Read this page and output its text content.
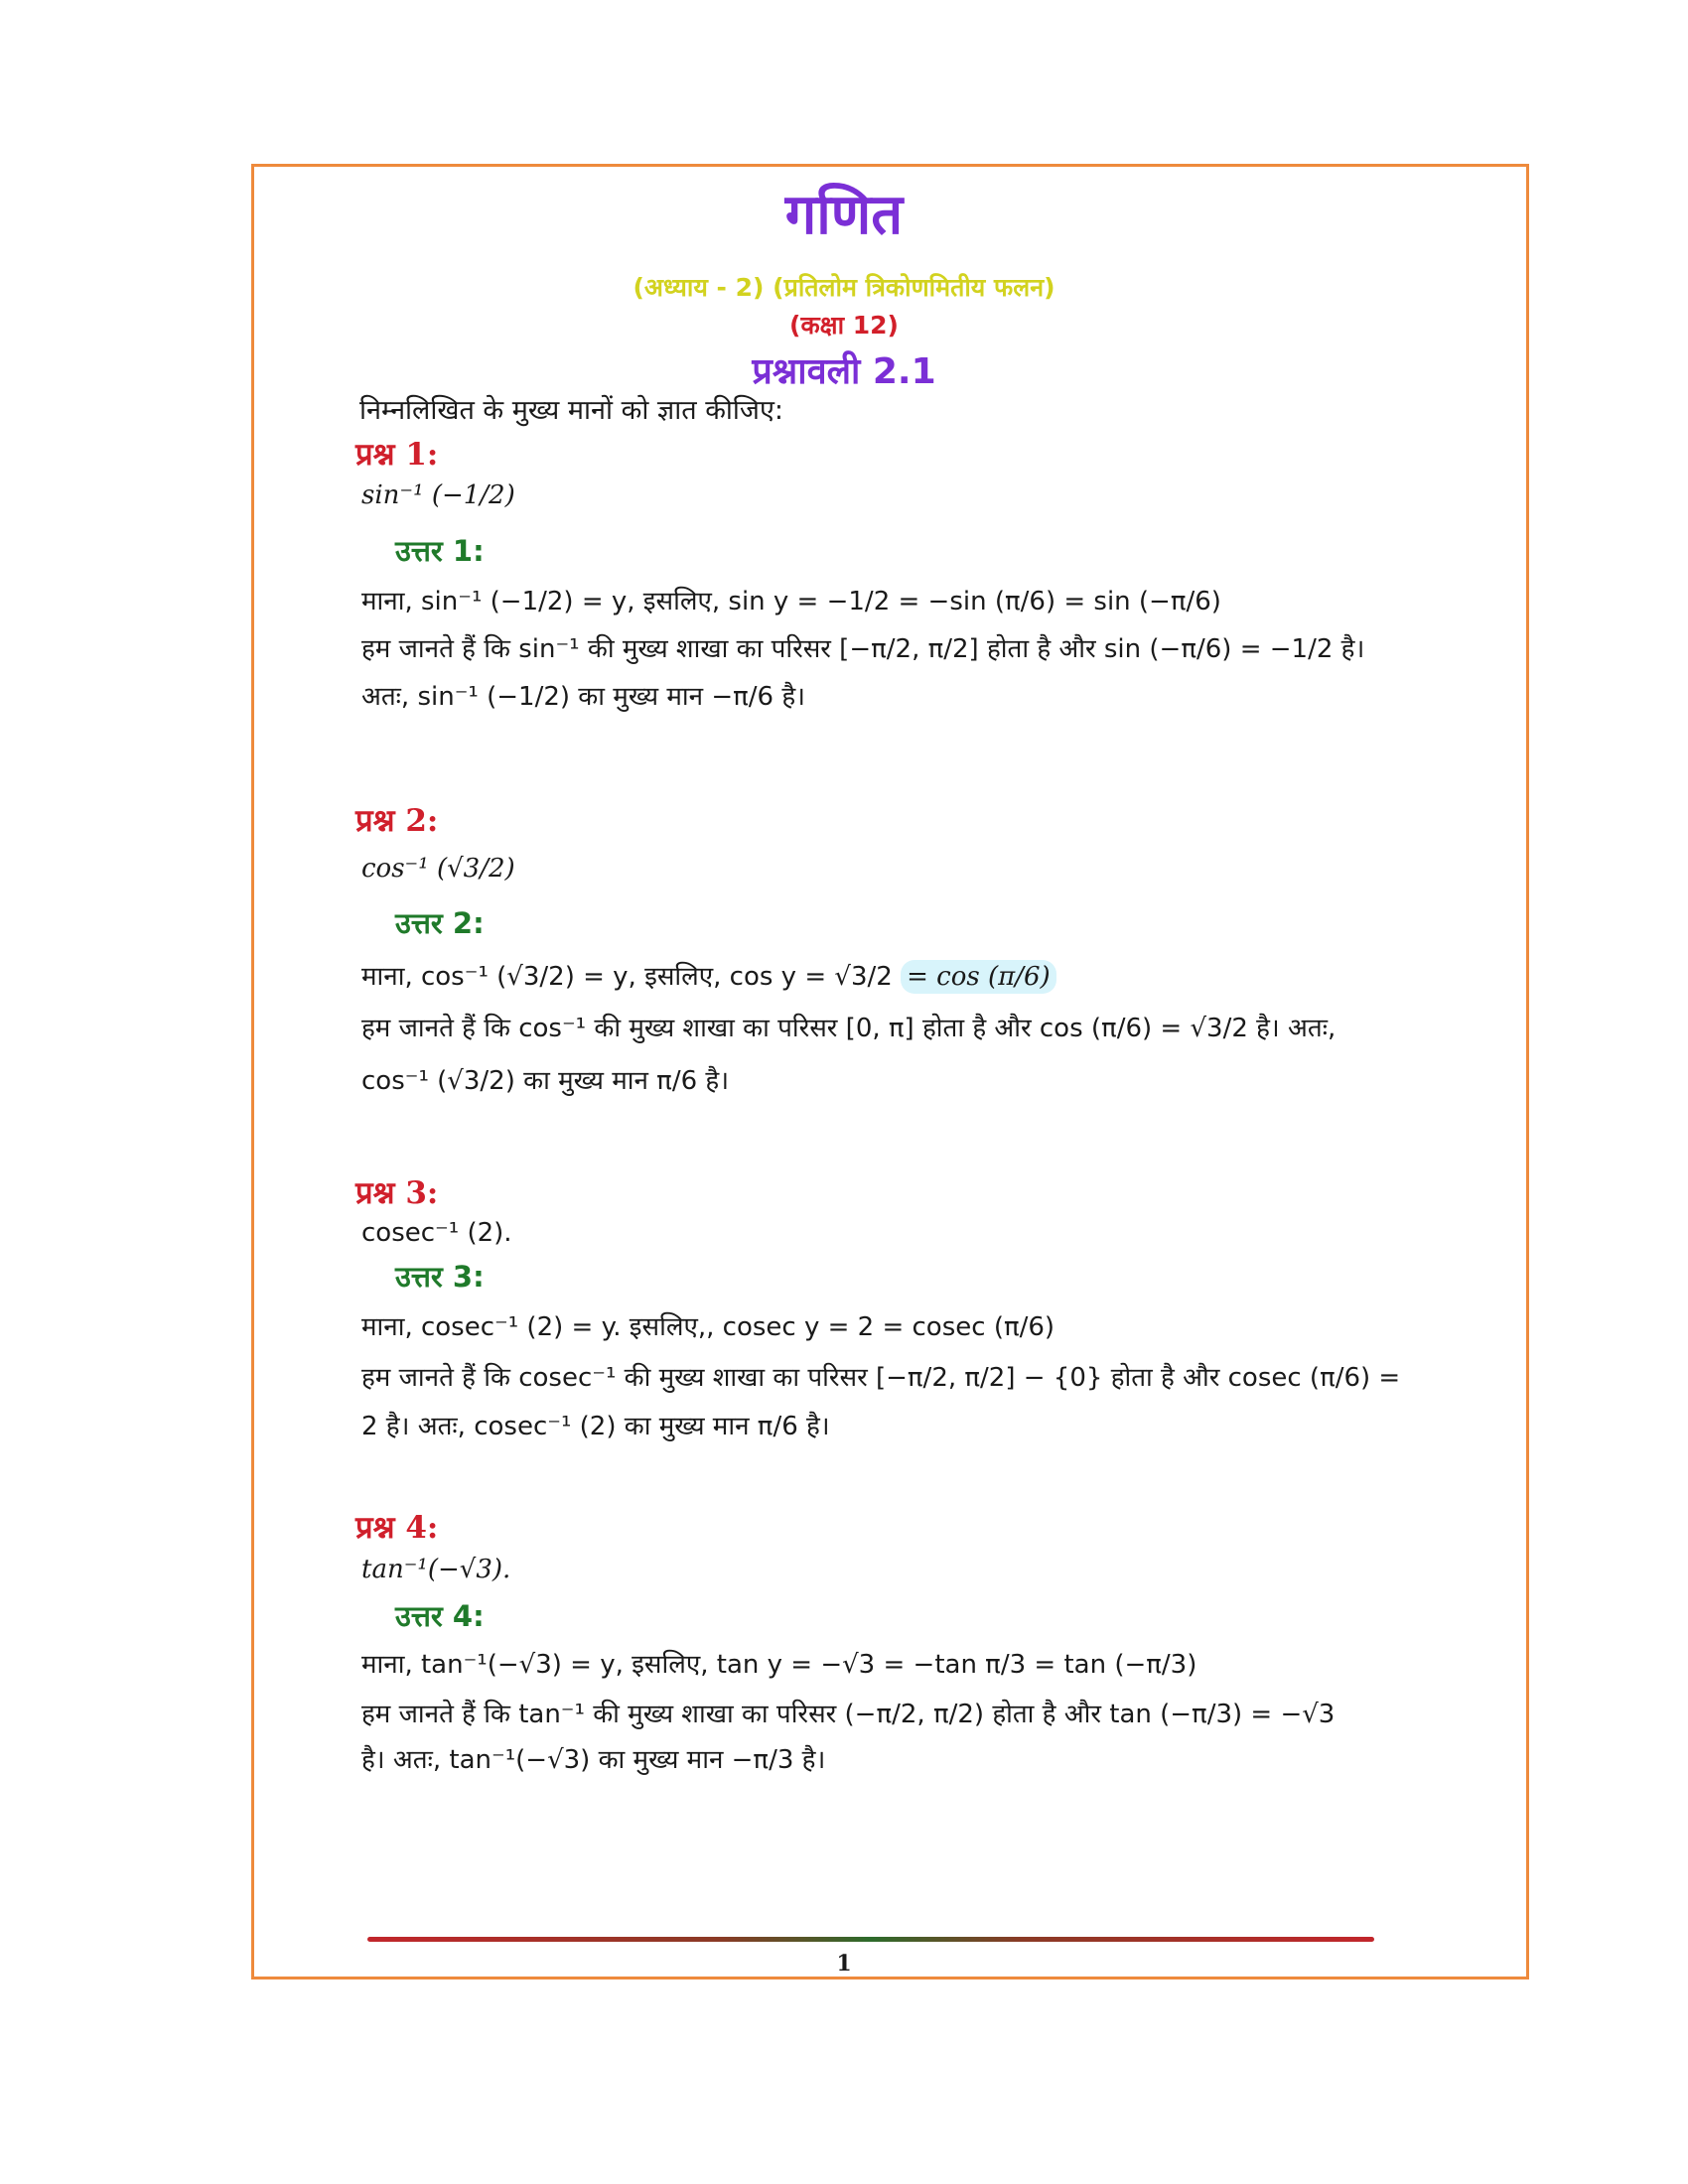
गणित
(अध्याय - 2) (प्रतिलोम त्रिकोणमितीय फलन)
(कक्षा 12)
प्रश्नावली 2.1
निम्नलिखित के मुख्य मानों को ज्ञात कीजिए:
प्रश्न 1:
sin⁻¹ (−1/2)
उत्तर 1:
माना, sin⁻¹ (−1/2) = y, इसलिए, sin y = −1/2 = −sin (π/6) = sin (−π/6)
हम जानते हैं कि sin⁻¹ की मुख्य शाखा का परिसर [−π/2, π/2] होता है और sin (−π/6) = −1/2 है।
अतः, sin⁻¹ (−1/2) का मुख्य मान −π/6 है।
प्रश्न 2:
cos⁻¹ (√3/2)
उत्तर 2:
माना, cos⁻¹ (√3/2) = y, इसलिए, cos y = √3/2 = cos (π/6)
हम जानते हैं कि cos⁻¹ की मुख्य शाखा का परिसर [0, π] होता है और cos (π/6) = √3/2 है। अतः,
cos⁻¹ (√3/2) का मुख्य मान π/6 है।
प्रश्न 3:
cosec⁻¹ (2).
उत्तर 3:
माना, cosec⁻¹ (2) = y. इसलिए,, cosec y = 2 = cosec (π/6)
हम जानते हैं कि cosec⁻¹ की मुख्य शाखा का परिसर [−π/2, π/2] − {0} होता है और cosec (π/6) =
2 है। अतः, cosec⁻¹ (2) का मुख्य मान π/6 है।
प्रश्न 4:
tan⁻¹(−√3).
उत्तर 4:
माना, tan⁻¹(−√3) = y, इसलिए, tan y = −√3 = −tan π/3 = tan (−π/3)
हम जानते हैं कि tan⁻¹ की मुख्य शाखा का परिसर (−π/2, π/2) होता है और tan (−π/3) = −√3
है। अतः, tan⁻¹(−√3) का मुख्य मान −π/3 है।
1
